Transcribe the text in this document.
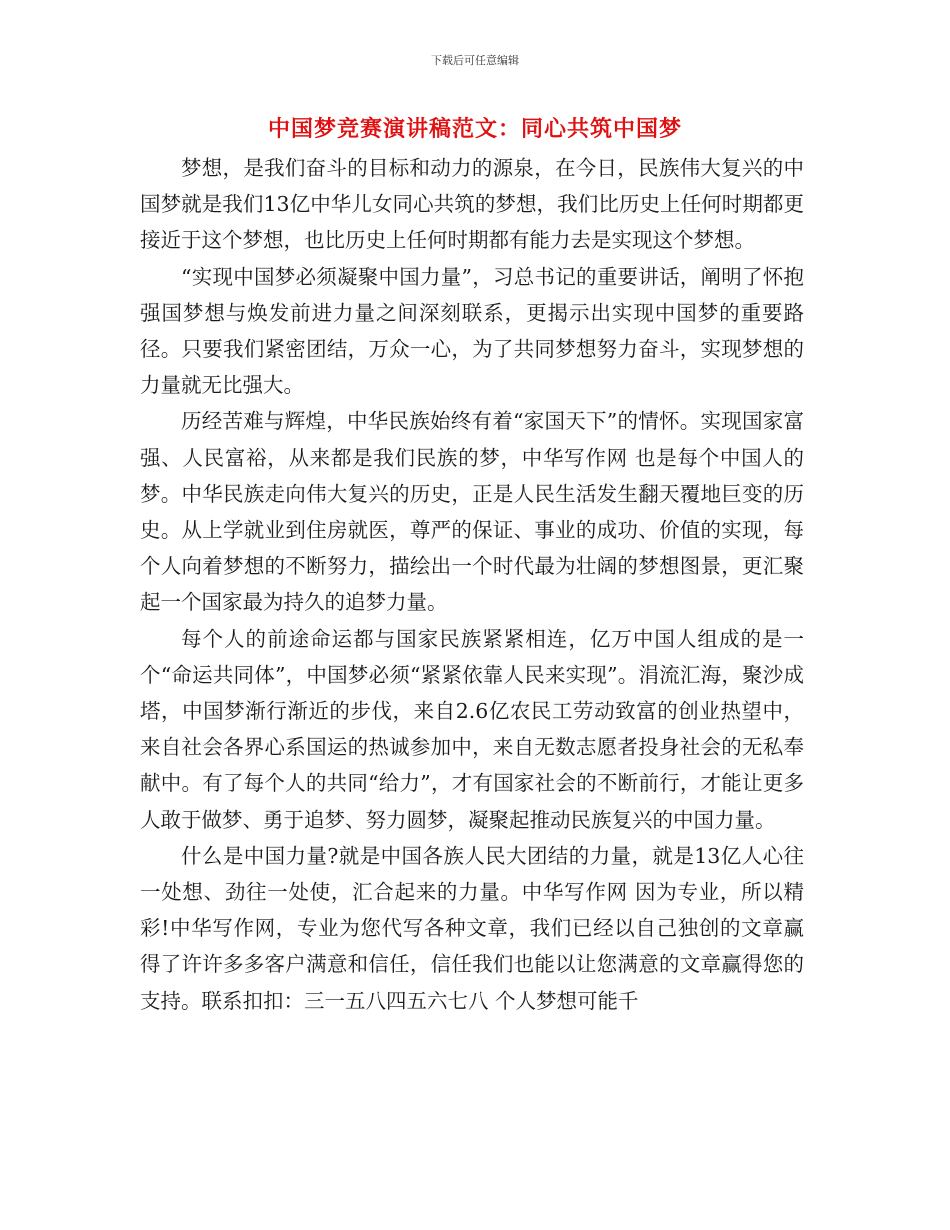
下载后可任意编辑
中国梦竞赛演讲稿范文：同心共筑中国梦

梦想，是我们奋斗的目标和动力的源泉，在今日，民族伟大复兴的中国梦就是我们13亿中华儿女同心共筑的梦想，我们比历史上任何时期都更接近于这个梦想，也比历史上任何时期都有能力去是实现这个梦想。

“实现中国梦必须凝聚中国力量”，习总书记的重要讲话，阐明了怀抱强国梦想与焕发前进力量之间深刻联系，更揭示出实现中国梦的重要路径。只要我们紧密团结，万众一心，为了共同梦想努力奋斗，实现梦想的力量就无比强大。

历经苦难与辉煌，中华民族始终有着“家国天下”的情怀。实现国家富强、人民富裕，从来都是我们民族的梦，中华写作网 也是每个中国人的梦。中华民族走向伟大复兴的历史，正是人民生活发生翻天覆地巨变的历史。从上学就业到住房就医，尊严的保证、事业的成功、价值的实现，每个人向着梦想的不断努力，描绘出一个时代最为壮阔的梦想图景，更汇聚起一个国家最为持久的追梦力量。

每个人的前途命运都与国家民族紧紧相连，亿万中国人组成的是一个“命运共同体”，中国梦必须“紧紧依靠人民来实现”。涓流汇海，聚沙成塔，中国梦渐行渐近的步伐，来自2.6亿农民工劳动致富的创业热望中，来自社会各界心系国运的热诚参加中，来自无数志愿者投身社会的无私奉献中。有了每个人的共同“给力”，才有国家社会的不断前行，才能让更多人敢于做梦、勇于追梦、努力圆梦，凝聚起推动民族复兴的中国力量。

什么是中国力量?就是中国各族人民大团结的力量，就是13亿人心往一处想、劲往一处使，汇合起来的力量。中华写作网 因为专业，所以精彩!中华写作网，专业为您代写各种文章，我们已经以自己独创的文章赢得了许许多多客户满意和信任，信任我们也能以让您满意的文章赢得您的支持。联系扣扣：三一五八四五六七八 个人梦想可能千
